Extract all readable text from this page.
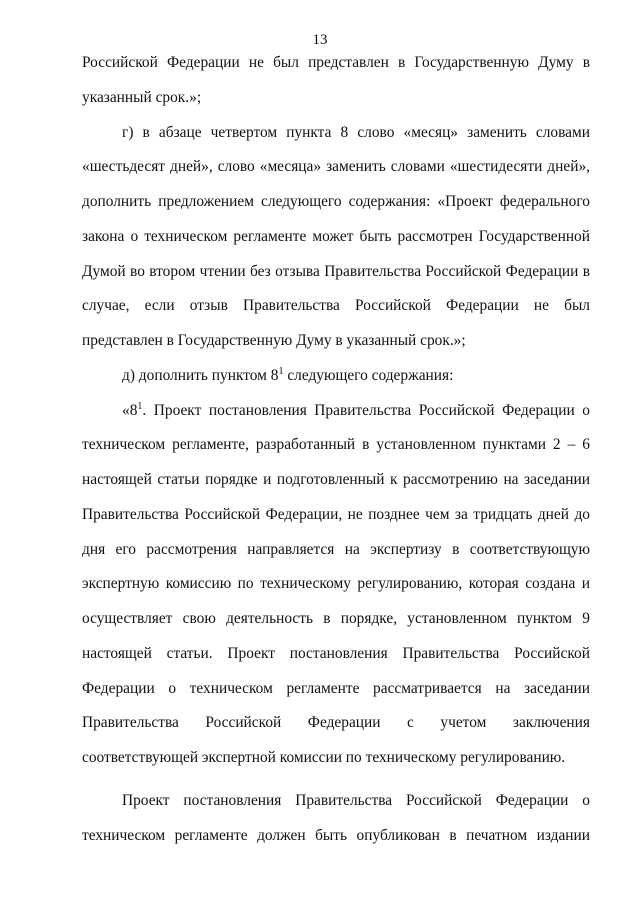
13
Российской Федерации не был представлен в Государственную Думу в
указанный срок.»;
г) в абзаце четвертом пункта 8 слово «месяц» заменить словами
«шестьдесят дней», слово «месяца» заменить словами «шестидесяти дней»,
дополнить предложением следующего содержания: «Проект федерального
закона о техническом регламенте может быть рассмотрен Государственной
Думой во втором чтении без отзыва Правительства Российской Федерации в
случае, если отзыв Правительства Российской Федерации не был
представлен в Государственную Думу в указанный срок.»;
д) дополнить пунктом $8^1$ следующего содержания:
«$8^1$. Проект постановления Правительства Российской Федерации о
техническом регламенте, разработанный в установленном пунктами 2 – 6
настоящей статьи порядке и подготовленный к рассмотрению на заседании
Правительства Российской Федерации, не позднее чем за тридцать дней до
дня его рассмотрения направляется на экспертизу в соответствующую
экспертную комиссию по техническому регулированию, которая создана и
осуществляет свою деятельность в порядке, установленном пунктом 9
настоящей статьи. Проект постановления Правительства Российской
Федерации о техническом регламенте рассматривается на заседании
Правительства Российской Федерации с учетом заключения
соответствующей экспертной комиссии по техническому регулированию.
Проект постановления Правительства Российской Федерации о
техническом регламенте должен быть опубликован в печатном издании
